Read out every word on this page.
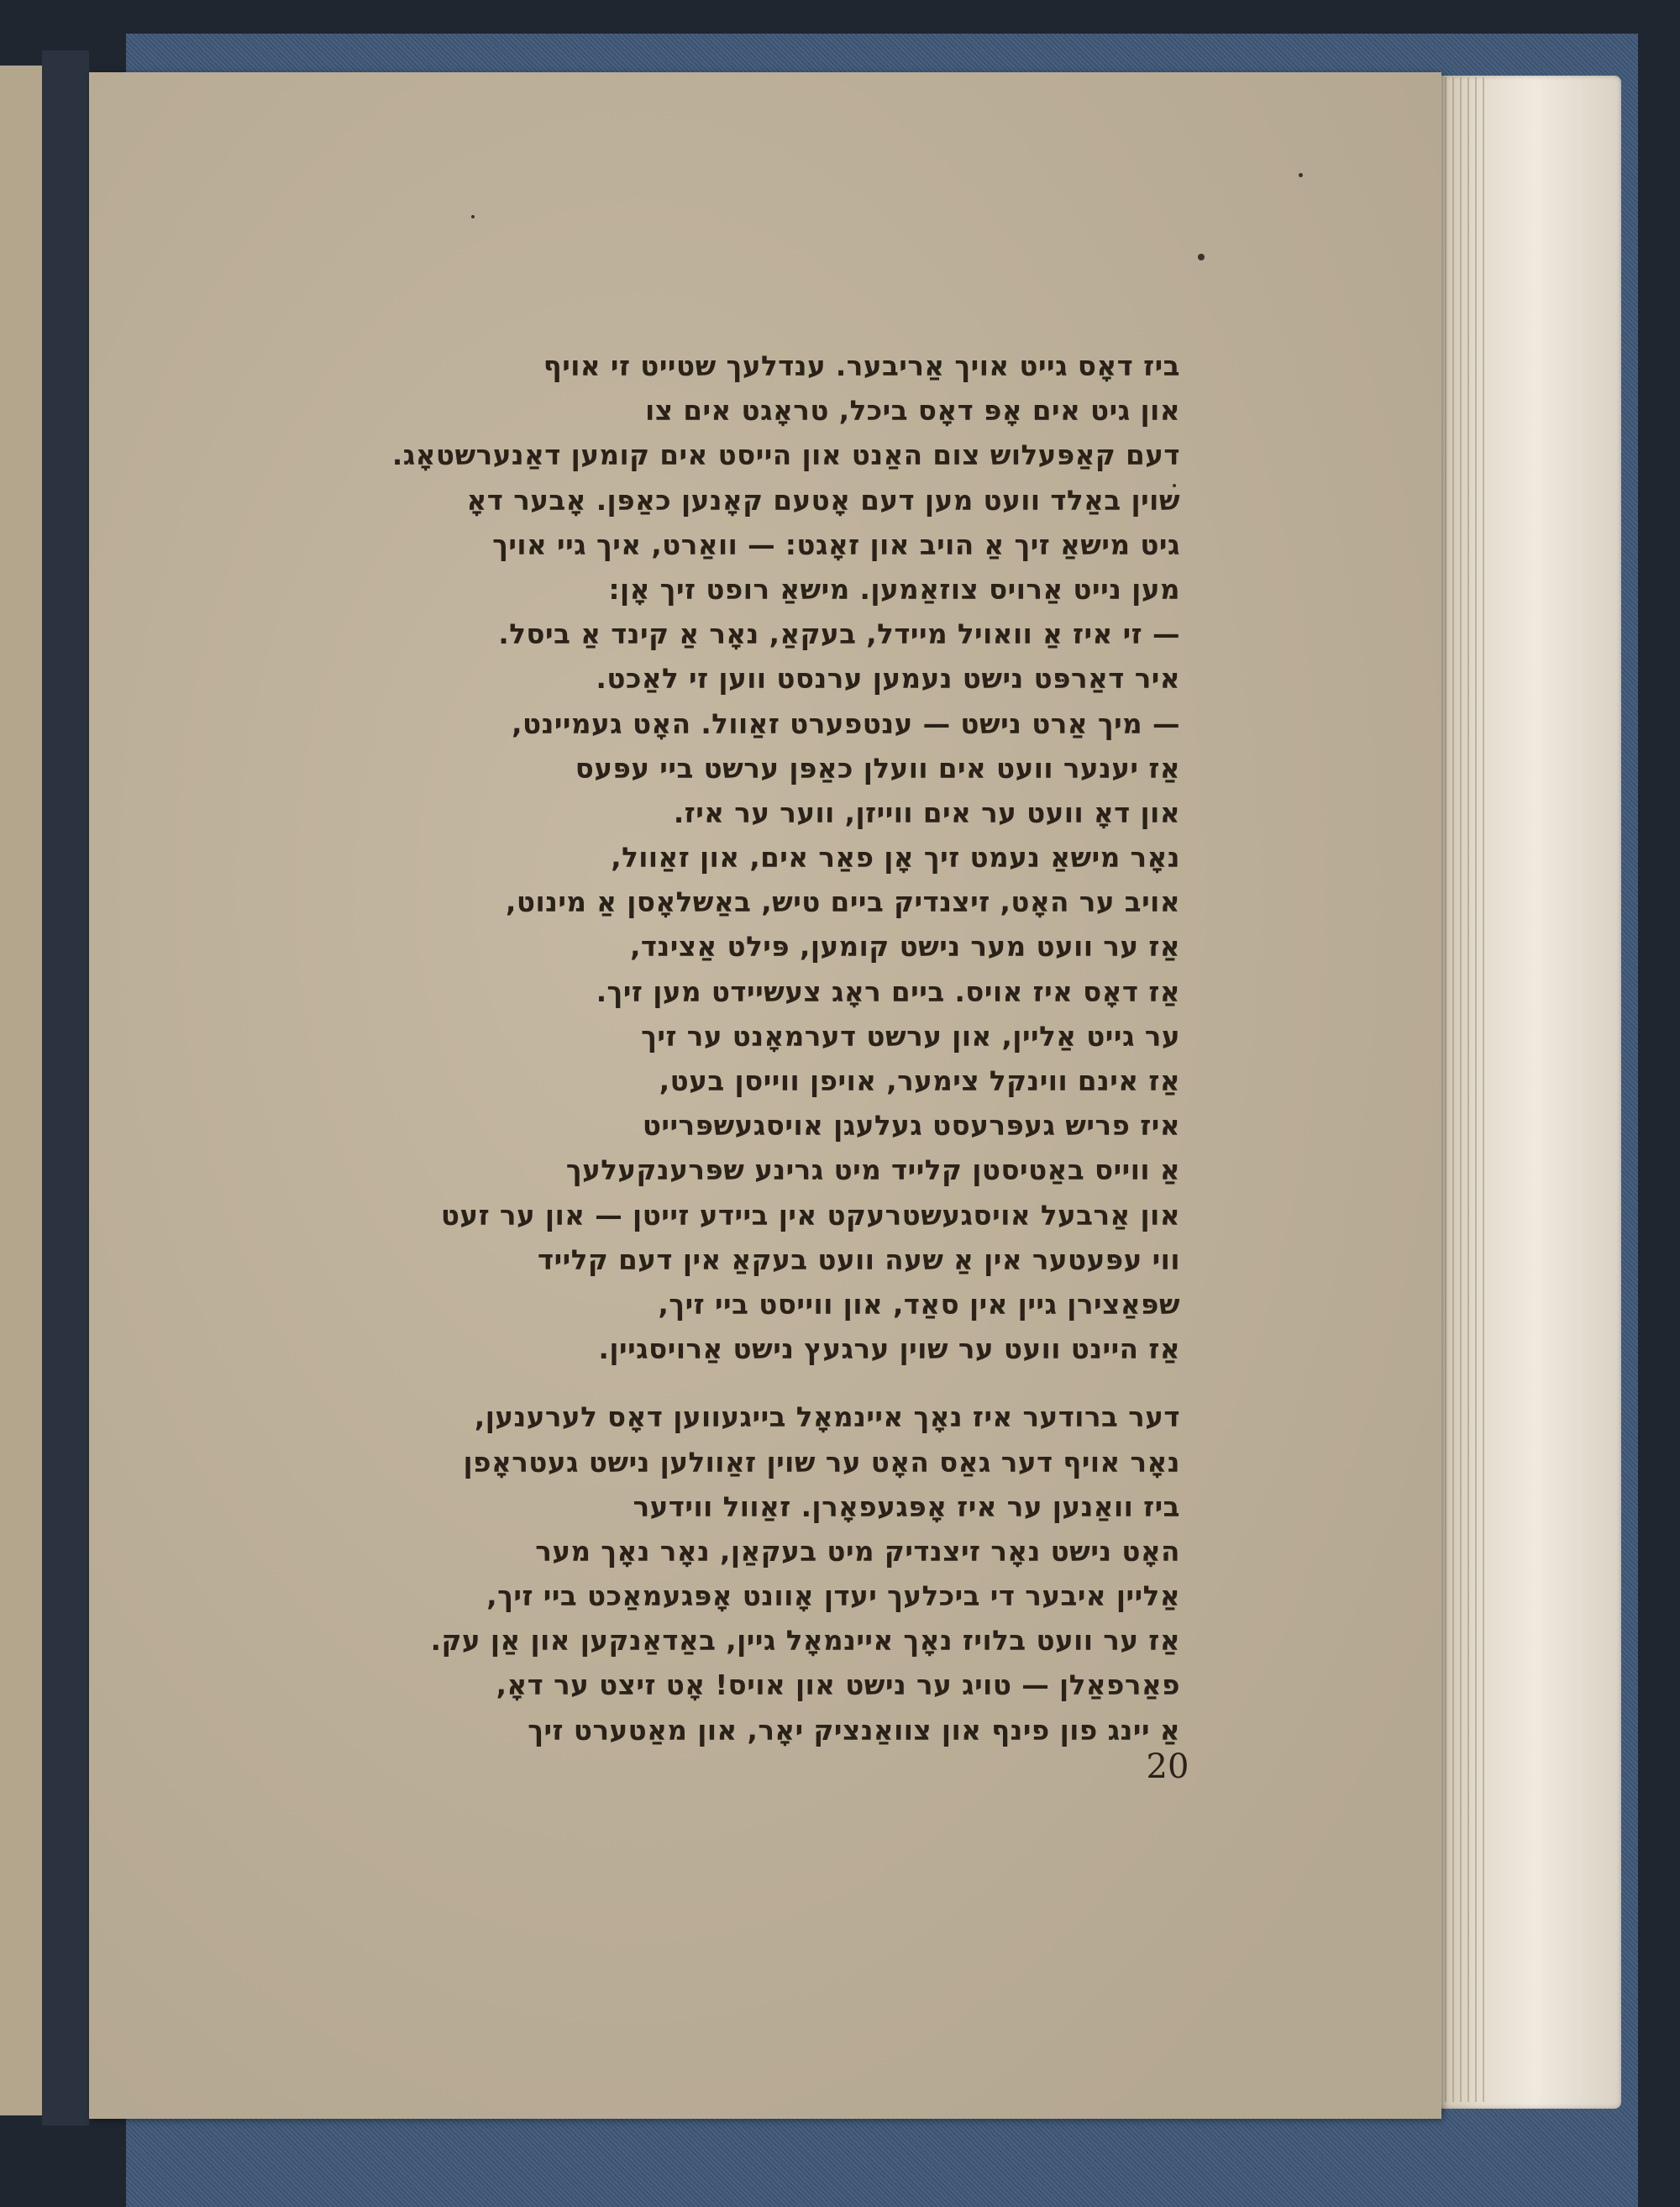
ביז דאָס גייט אויך אַריבער. ענדלעך שטייט זי אויף
און גיט אים אָפּ דאָס ביכל, טראָגט אים צו
דעם קאַפּעלוש צום האַנט און הייסט אים קומען דאַנערשטאָג.
שוין באַלד וועט מען דעם אָטעם קאָנען כאַפּן. אָבער דאָ
גיט מישאַ זיך אַ הויב און זאָגט: — וואַרט, איך גיי אויך
מען נייט אַרויס צוזאַמען. מישאַ רופט זיך אָן:
— זי איז אַ וואויל מיידל, בעקאַ, נאָר אַ קינד אַ ביסל.
איר דאַרפּט נישט נעמען ערנסט ווען זי לאַכט.
— מיך אַרט נישט — ענטפערט זאַוול. האָט געמיינט,
אַז יענער וועט אים וועלן כאַפּן ערשט ביי עפּעס
און דאָ וועט ער אים ווייזן, ווער ער איז.
נאָר מישאַ נעמט זיך אָן פאַר אים, און זאַוול,
אויב ער האָט, זיצנדיק ביים טיש, באַשלאָסן אַ מינוט,
אַז ער וועט מער נישט קומען, פּילט אַצינד,
אַז דאָס איז אויס. ביים ראָג צעשיידט מען זיך.
ער גייט אַליין, און ערשט דערמאָנט ער זיך
אַז אינם ווינקל צימער, אויפן ווייסן בעט,
איז פריש געפּרעסט געלעגן אויסגעשפּרייט
אַ ווייס באַטיסטן קלייד מיט גרינע שפּרענקעלעך
און אַרבעל אויסגעשטרעקט אין ביידע זייטן — און ער זעט
ווי עפּעטער אין אַ שעה וועט בעקאַ אין דעם קלייד
שפּאַצירן גיין אין סאַד, און ווייסט ביי זיך,
אַז היינט וועט ער שוין ערגעץ נישט אַרויסגיין.
דער ברודער איז נאָך איינמאָל בייגעווען דאָס לערענען,
נאָר אויף דער גאַס האָט ער שוין זאַוולען נישט געטראָפן
ביז וואַנען ער איז אָפּגעפאָרן. זאַוול ווידער
האָט נישט נאָר זיצנדיק מיט בעקאַן, נאָר נאָך מער
אַליין איבער די ביכלעך יעדן אָוונט אָפּגעמאַכט ביי זיך,
אַז ער וועט בלויז נאָך איינמאָל גיין, באַדאַנקען און אַן עק.
פאַרפאַלן — טויג ער נישט און אויס! אָט זיצט ער דאָ,
אַ יינג פון פינף און צוואַנציק יאָר, און מאַטערט זיך
20
